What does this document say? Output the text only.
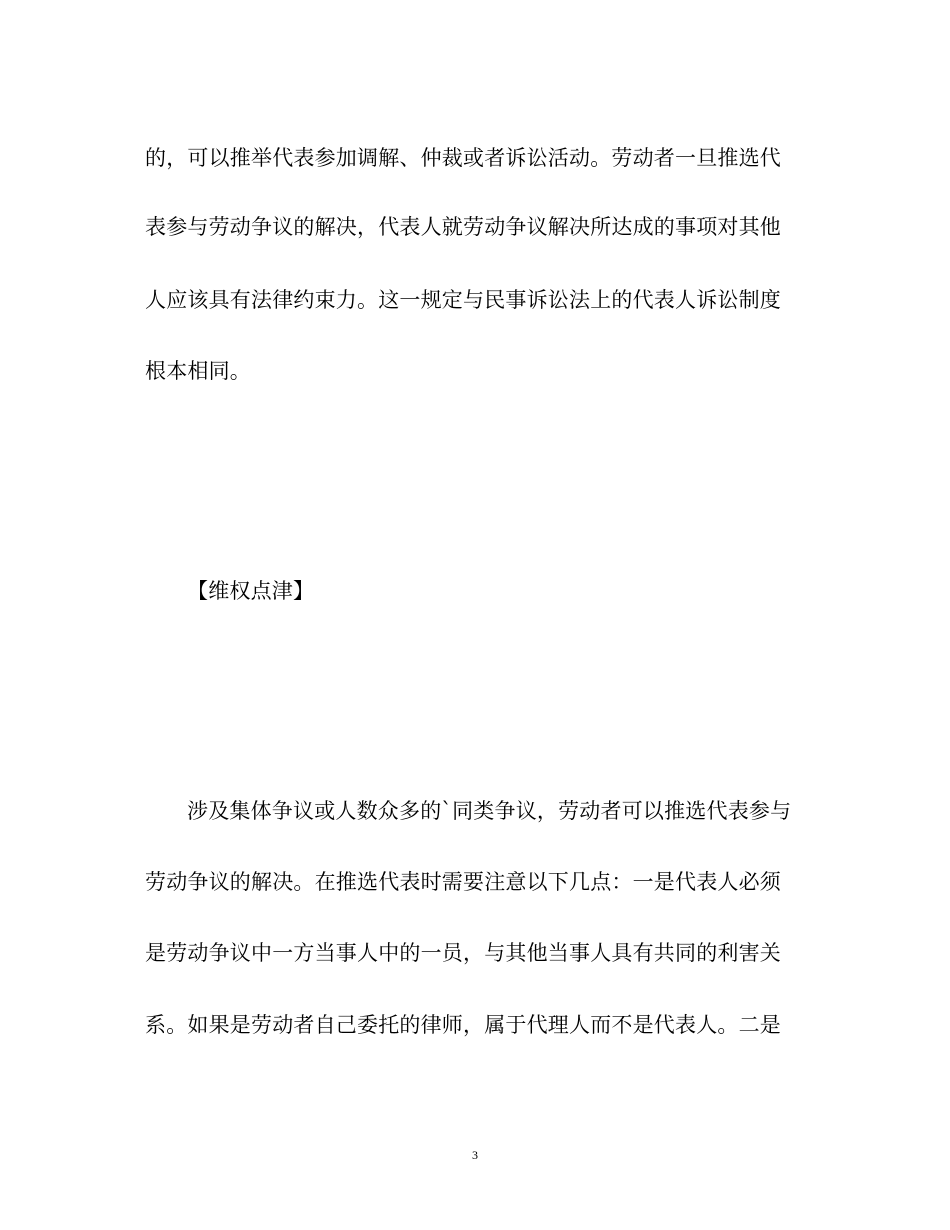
的，可以推举代表参加调解、仲裁或者诉讼活动。劳动者一旦推选代
表参与劳动争议的解决，代表人就劳动争议解决所达成的事项对其他
人应该具有法律约束力。这一规定与民事诉讼法上的代表人诉讼制度
根本相同。
【维权点津】
涉及集体争议或人数众多的`同类争议，劳动者可以推选代表参与
劳动争议的解决。在推选代表时需要注意以下几点：一是代表人必须
是劳动争议中一方当事人中的一员，与其他当事人具有共同的利害关
系。如果是劳动者自己委托的律师，属于代理人而不是代表人。二是
3
